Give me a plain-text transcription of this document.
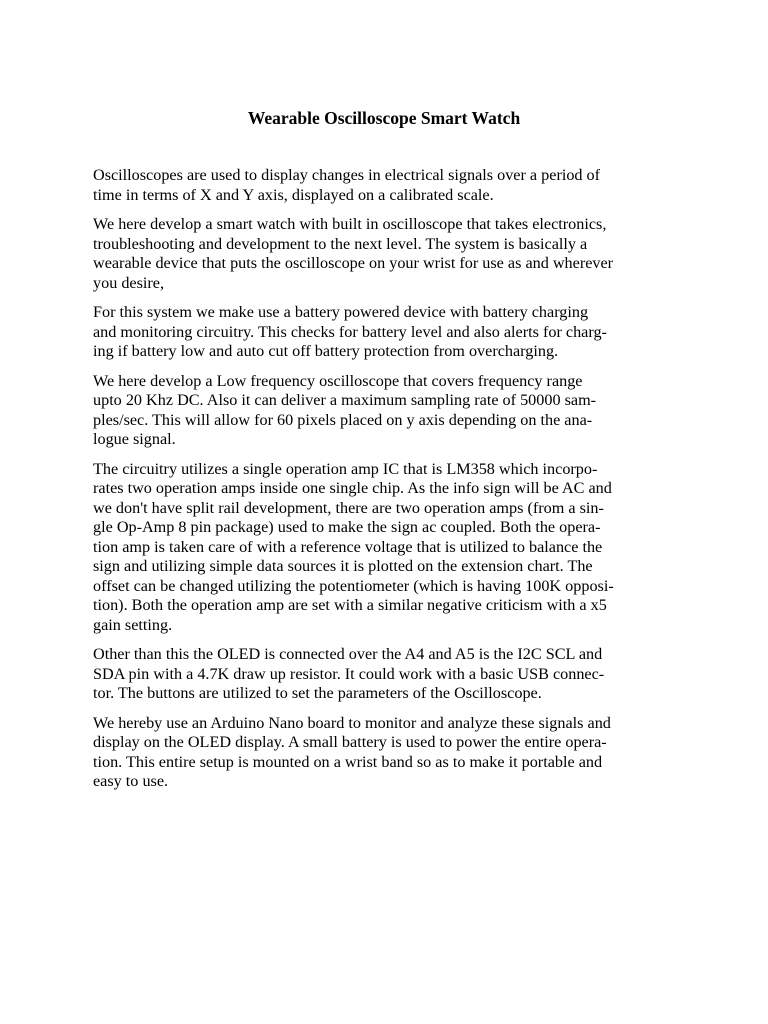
Wearable Oscilloscope Smart Watch

Oscilloscopes are used to display changes in electrical signals over a period of
time in terms of X and Y axis, displayed on a calibrated scale.

We here develop a smart watch with built in oscilloscope that takes electronics,
troubleshooting and development to the next level. The system is basically a
wearable device that puts the oscilloscope on your wrist for use as and wherever
you desire,

For this system we make use a battery powered device with battery charging
and monitoring circuitry. This checks for battery level and also alerts for charg-
ing if battery low and auto cut off battery protection from overcharging.

We here develop a Low frequency oscilloscope that covers frequency range
upto 20 Khz DC. Also it can deliver a maximum sampling rate of 50000 sam-
ples/sec. This will allow for 60 pixels placed on y axis depending on the ana-
logue signal.

The circuitry utilizes a single operation amp IC that is LM358 which incorpo-
rates two operation amps inside one single chip. As the info sign will be AC and
we don't have split rail development, there are two operation amps (from a sin-
gle Op-Amp 8 pin package) used to make the sign ac coupled. Both the opera-
tion amp is taken care of with a reference voltage that is utilized to balance the
sign and utilizing simple data sources it is plotted on the extension chart. The
offset can be changed utilizing the potentiometer (which is having 100K opposi-
tion). Both the operation amp are set with a similar negative criticism with a x5
gain setting.

Other than this the OLED is connected over the A4 and A5 is the I2C SCL and
SDA pin with a 4.7K draw up resistor. It could work with a basic USB connec-
tor. The buttons are utilized to set the parameters of the Oscilloscope.

We hereby use an Arduino Nano board to monitor and analyze these signals and
display on the OLED display. A small battery is used to power the entire opera-
tion. This entire setup is mounted on a wrist band so as to make it portable and
easy to use.
